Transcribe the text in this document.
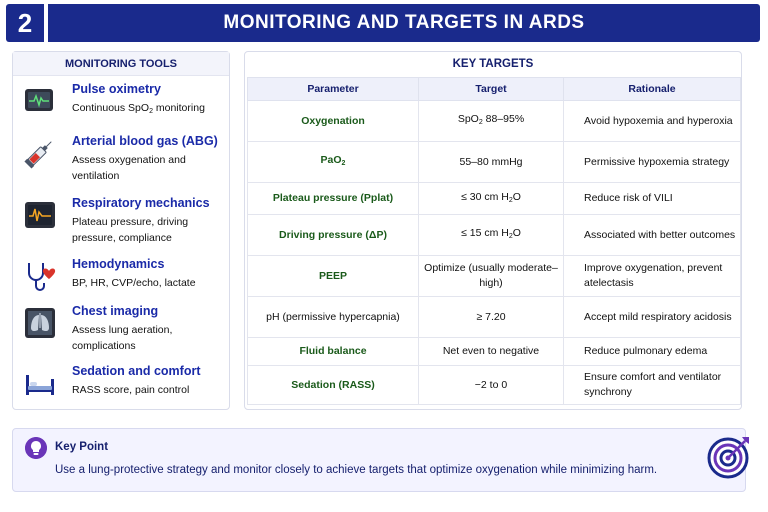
2	MONITORING AND TARGETS IN ARDS
MONITORING TOOLS
Pulse oximetry
Continuous SpO$_2$ monitoring
Arterial blood gas (ABG)
Assess oxygenation and ventilation
Respiratory mechanics
Plateau pressure, driving pressure, compliance
Hemodynamics
BP, HR, CVP/echo, lactate
Chest imaging
Assess lung aeration, complications
Sedation and comfort
RASS score, pain control
KEY TARGETS
Parameter	Target	Rationale
Oxygenation	SpO$_2$ 88–95%	Avoid hypoxemia and hyperoxia
PaO$_2$	55–80 mmHg	Permissive hypoxemia strategy
Plateau pressure (Pplat)	≤ 30 cm $H_2O$	Reduce risk of VILI
Driving pressure (ΔP)	≤ 15 cm $H_2O$	Associated with better outcomes
PEEP	Optimize (usually moderate–high)	Improve oxygenation, prevent atelectasis
pH (permissive hypercapnia)	≥ 7.20	Accept mild respiratory acidosis
Fluid balance	Net even to negative	Reduce pulmonary edema
Sedation (RASS)	−2 to 0	Ensure comfort and ventilator synchrony
Key Point
Use a lung-protective strategy and monitor closely to achieve targets that optimize oxygenation while minimizing harm.
